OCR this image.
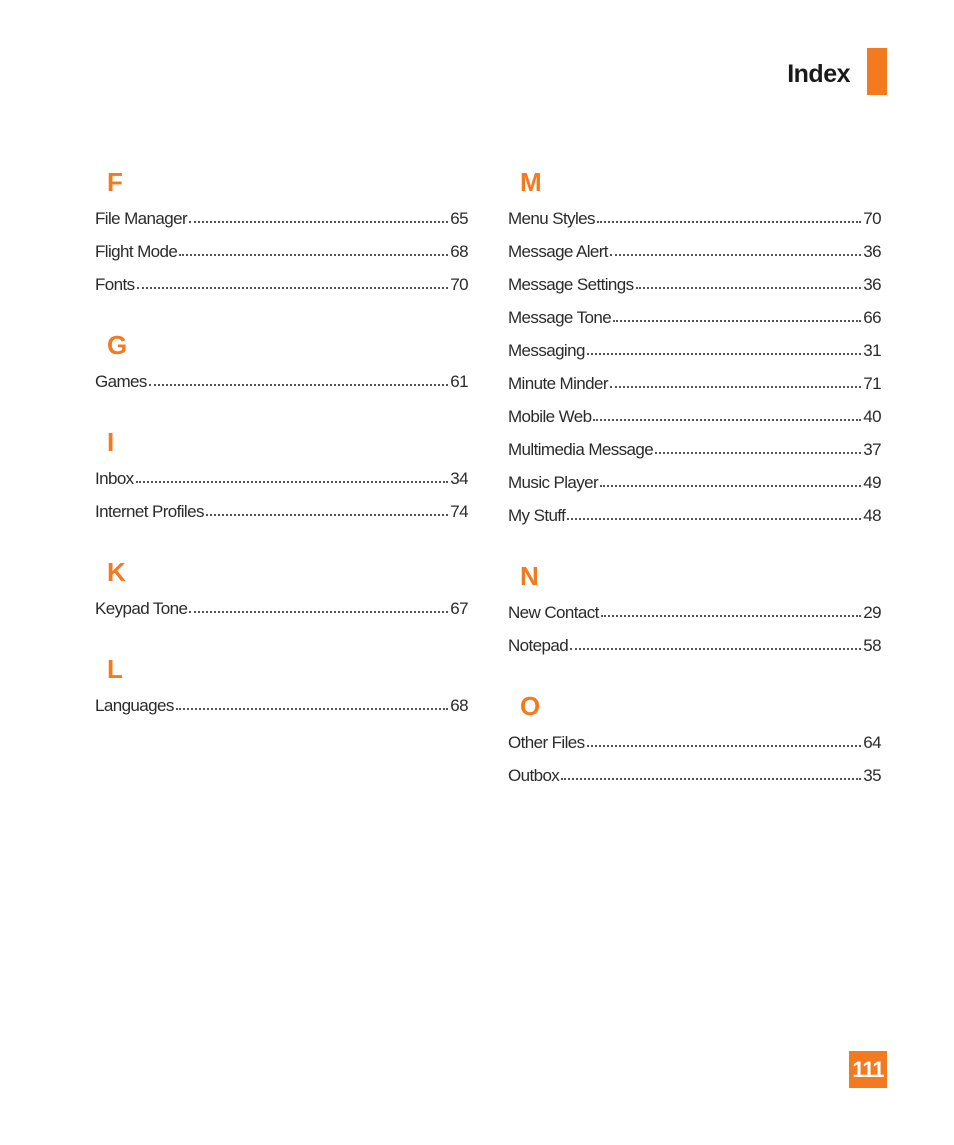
Index
F
File Manager	65
Flight Mode	68
Fonts	70
G
Games	61
I
Inbox	34
Internet Profiles	74
K
Keypad Tone	67
L
Languages	68
M
Menu Styles	70
Message Alert	36
Message Settings	36
Message Tone	66
Messaging	31
Minute Minder	71
Mobile Web	40
Multimedia Message	37
Music Player	49
My Stuff	48
N
New Contact	29
Notepad	58
O
Other Files	64
Outbox	35
111
